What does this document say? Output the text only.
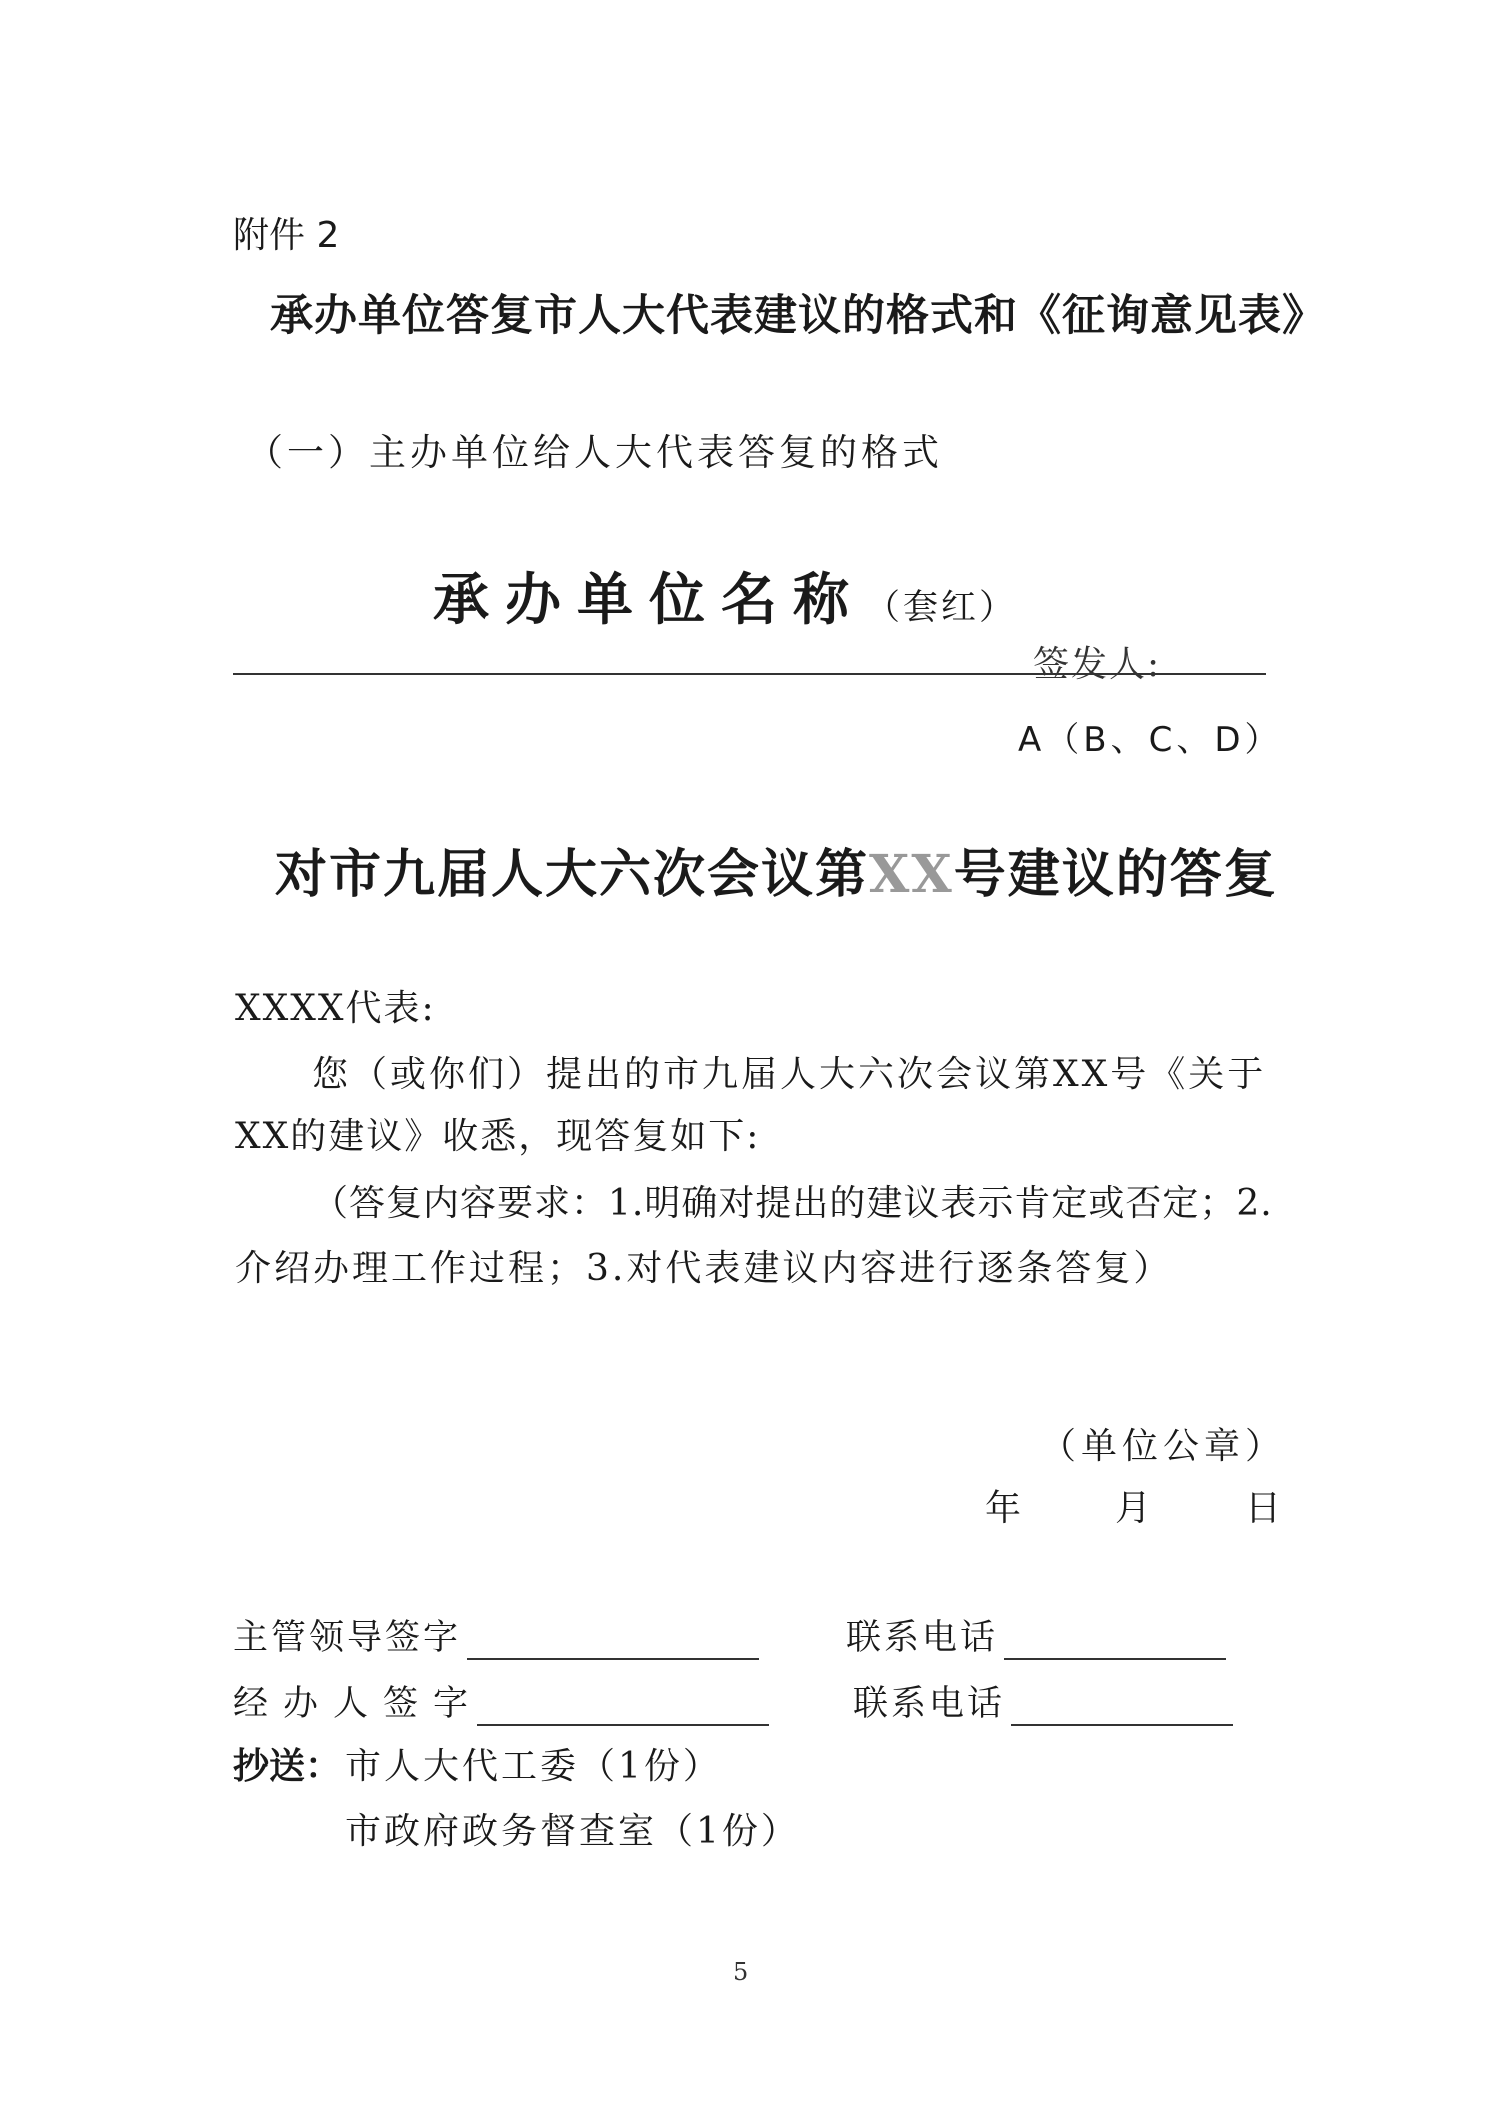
附件 2
承办单位答复市人大代表建议的格式和《征询意见表》
（一）主办单位给人大代表答复的格式
承办单位名称（套红）
签发人:
A（B、C、D）
对市九届人大六次会议第XX号建议的答复
XXXX代表:
您（或你们）提出的市九届人大六次会议第XX号《关于
XX的建议》收悉，现答复如下:
（答复内容要求：1.明确对提出的建议表示肯定或否定；2.
介绍办理工作过程；3.对代表建议内容进行逐条答复）
（单位公章）
年	月	日
主管领导签字	联系电话
经办人签字	联系电话
抄送： 市人大代工委（1份）
市政府政务督查室（1份）
5
